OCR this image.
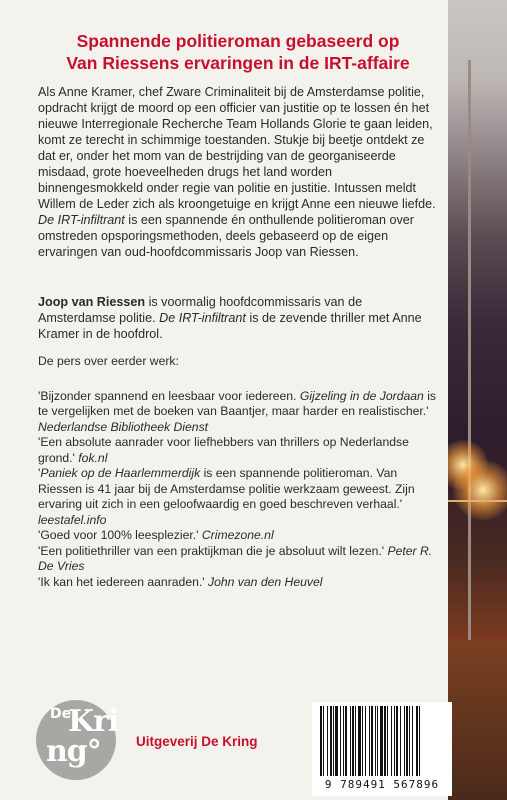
Spannende politieroman gebaseerd op
Van Riessens ervaringen in de IRT-affaire

Als Anne Kramer, chef Zware Criminaliteit bij de Amsterdamse politie, opdracht krijgt de moord op een officier van justitie op te lossen én het nieuwe Interregionale Recherche Team Hollands Glorie te gaan leiden, komt ze terecht in schimmige toestanden. Stukje bij beetje ontdekt ze dat er, onder het mom van de bestrijding van de georganiseerde misdaad, grote hoeveelheden drugs het land worden binnengesmokkeld onder regie van politie en justitie. Intussen meldt Willem de Leder zich als kroongetuige en krijgt Anne een nieuwe liefde.

De IRT-infiltrant is een spannende én onthullende politieroman over omstreden opsporingsmethoden, deels gebaseerd op de eigen ervaringen van oud-hoofdcommissaris Joop van Riessen.

Joop van Riessen is voormalig hoofdcommissaris van de Amsterdamse politie. De IRT-infiltrant is de zevende thriller met Anne Kramer in de hoofdrol.

De pers over eerder werk:

'Bijzonder spannend en leesbaar voor iedereen. Gijzeling in de Jordaan is te vergelijken met de boeken van Baantjer, maar harder en realistischer.' Nederlandse Bibliotheek Dienst

'Een absolute aanrader voor liefhebbers van thrillers op Nederlandse grond.' fok.nl

'Paniek op de Haarlemmerdijk is een spannende politieroman. Van Riessen is 41 jaar bij de Amsterdamse politie werkzaam geweest. Zijn ervaring uit zich in een geloofwaardig en goed beschreven verhaal.' leestafel.info

'Goed voor 100% leesplezier.' Crimezone.nl

'Een politiethriller van een praktijkman die je absoluut wilt lezen.' Peter R. De Vries

'Ik kan het iedereen aanraden.' John van den Heuvel

De
Kri
ng°	Uitgeverij De Kring
9 789491 567896
